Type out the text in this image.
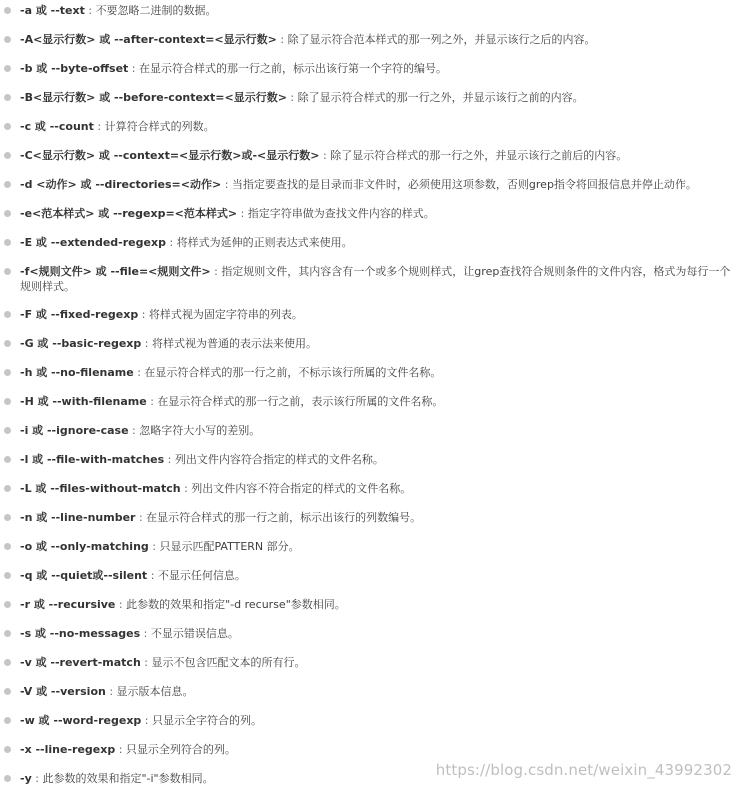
-a 或 --text : 不要忽略二进制的数据。
-A<显示行数> 或 --after-context=<显示行数> : 除了显示符合范本样式的那一列之外，并显示该行之后的内容。
-b 或 --byte-offset : 在显示符合样式的那一行之前，标示出该行第一个字符的编号。
-B<显示行数> 或 --before-context=<显示行数> : 除了显示符合样式的那一行之外，并显示该行之前的内容。
-c 或 --count : 计算符合样式的列数。
-C<显示行数> 或 --context=<显示行数>或-<显示行数> : 除了显示符合样式的那一行之外，并显示该行之前后的内容。
-d <动作> 或 --directories=<动作> : 当指定要查找的是目录而非文件时，必须使用这项参数，否则grep指令将回报信息并停止动作。
-e<范本样式> 或 --regexp=<范本样式> : 指定字符串做为查找文件内容的样式。
-E 或 --extended-regexp : 将样式为延伸的正则表达式来使用。
-f<规则文件> 或 --file=<规则文件> : 指定规则文件，其内容含有一个或多个规则样式，让grep查找符合规则条件的文件内容，格式为每行一个规则样式。
-F 或 --fixed-regexp : 将样式视为固定字符串的列表。
-G 或 --basic-regexp : 将样式视为普通的表示法来使用。
-h 或 --no-filename : 在显示符合样式的那一行之前，不标示该行所属的文件名称。
-H 或 --with-filename : 在显示符合样式的那一行之前，表示该行所属的文件名称。
-i 或 --ignore-case : 忽略字符大小写的差别。
-l 或 --file-with-matches : 列出文件内容符合指定的样式的文件名称。
-L 或 --files-without-match : 列出文件内容不符合指定的样式的文件名称。
-n 或 --line-number : 在显示符合样式的那一行之前，标示出该行的列数编号。
-o 或 --only-matching : 只显示匹配PATTERN 部分。
-q 或 --quiet或--silent : 不显示任何信息。
-r 或 --recursive : 此参数的效果和指定"-d recurse"参数相同。
-s 或 --no-messages : 不显示错误信息。
-v 或 --revert-match : 显示不包含匹配文本的所有行。
-V 或 --version : 显示版本信息。
-w 或 --word-regexp : 只显示全字符合的列。
-x --line-regexp : 只显示全列符合的列。
-y : 此参数的效果和指定"-i"参数相同。	https://blog.csdn.net/weixin_43992302
